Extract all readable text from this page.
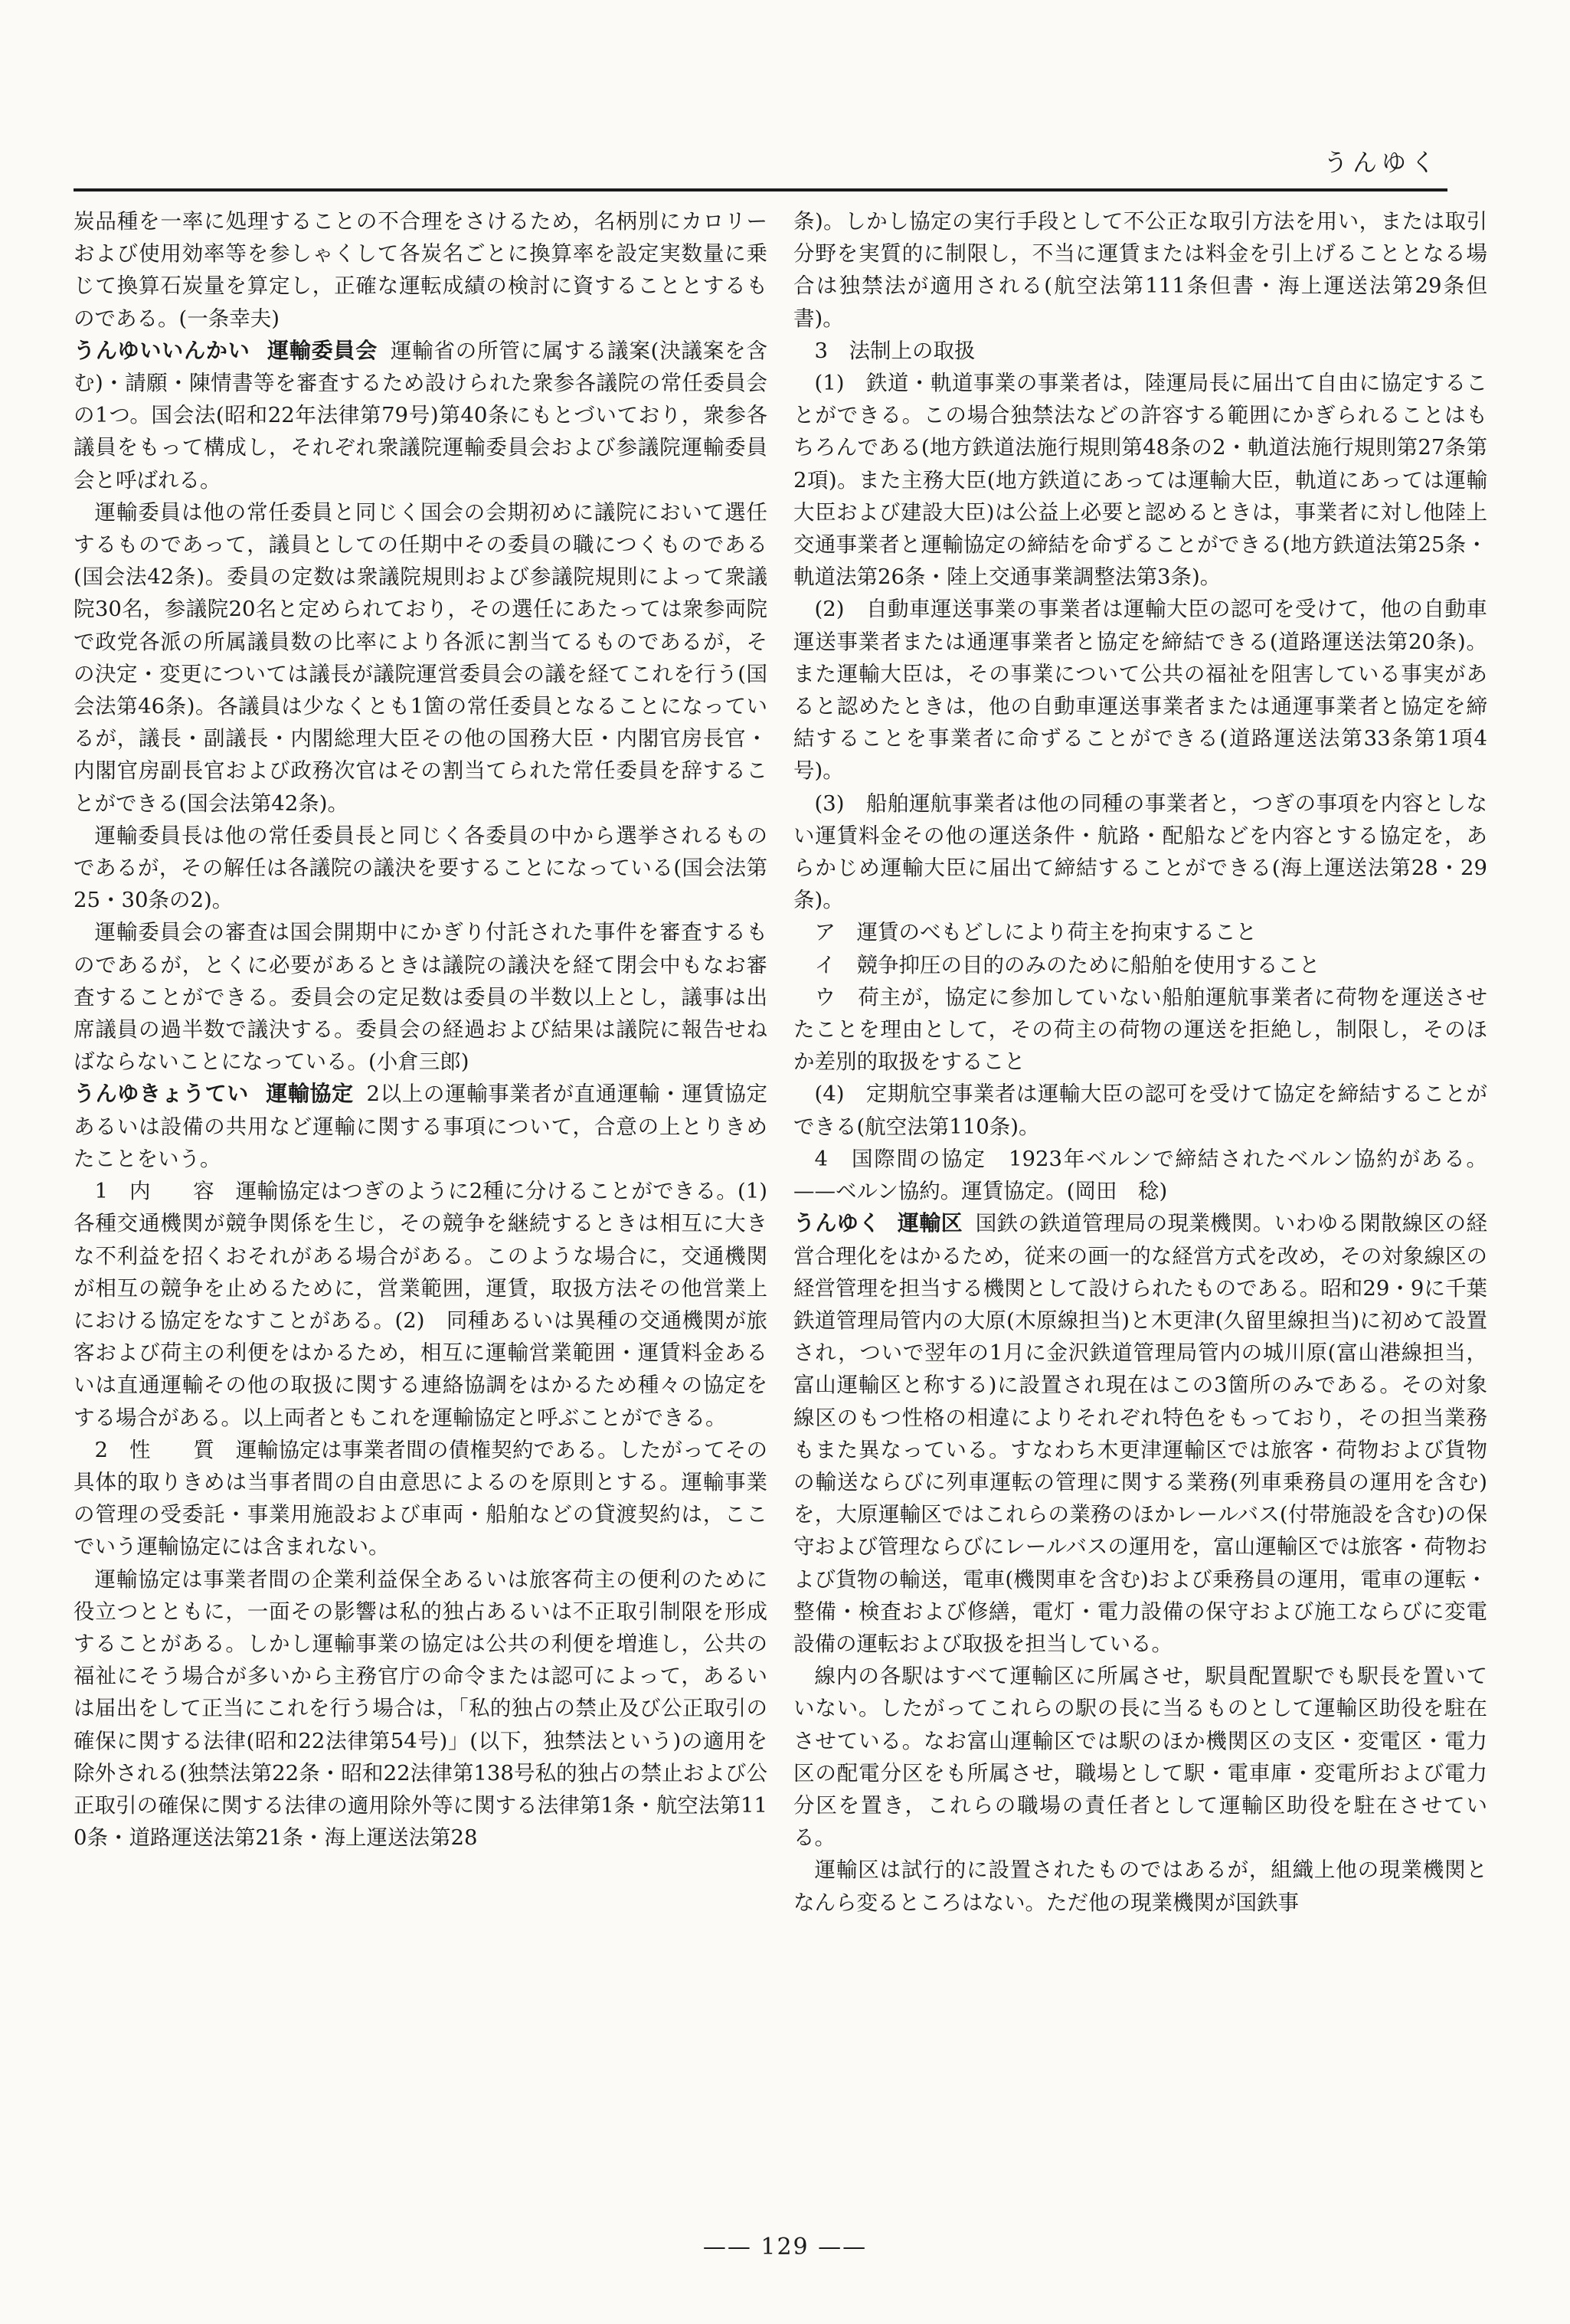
うんゆく

炭品種を一率に処理することの不合理をさけるため，名柄別にカロリーおよび使用効率等を参しゃくして各炭名ごとに換算率を設定実数量に乗じて換算石炭量を算定し，正確な運転成績の検討に資することとするものである。(一条幸夫)

うんゆいいんかい 運輸委員会 運輸省の所管に属する議案(決議案を含む)・請願・陳情書等を審査するため設けられた衆参各議院の常任委員会の1つ。国会法(昭和22年法律第79号)第40条にもとづいており，衆参各議員をもって構成し，それぞれ衆議院運輸委員会および参議院運輸委員会と呼ばれる。

運輸委員は他の常任委員と同じく国会の会期初めに議院において選任するものであって，議員としての任期中その委員の職につくものである(国会法42条)。委員の定数は衆議院規則および参議院規則によって衆議院30名，参議院20名と定められており，その選任にあたっては衆参両院で政党各派の所属議員数の比率により各派に割当てるものであるが，その決定・変更については議長が議院運営委員会の議を経てこれを行う(国会法第46条)。各議員は少なくとも1箇の常任委員となることになっているが，議長・副議長・内閣総理大臣その他の国務大臣・内閣官房長官・内閣官房副長官および政務次官はその割当てられた常任委員を辞することができる(国会法第42条)。

運輸委員長は他の常任委員長と同じく各委員の中から選挙されるものであるが，その解任は各議院の議決を要することになっている(国会法第25・30条の2)。

運輸委員会の審査は国会開期中にかぎり付託された事件を審査するものであるが，とくに必要があるときは議院の議決を経て閉会中もなお審査することができる。委員会の定足数は委員の半数以上とし，議事は出席議員の過半数で議決する。委員会の経過および結果は議院に報告せねばならないことになっている。(小倉三郎)

うんゆきょうてい 運輸協定 2以上の運輸事業者が直通運輸・運賃協定あるいは設備の共用など運輸に関する事項について，合意の上とりきめたことをいう。

1　内　　容　運輸協定はつぎのように2種に分けることができる。(1)　各種交通機関が競争関係を生じ，その競争を継続するときは相互に大きな不利益を招くおそれがある場合がある。このような場合に，交通機関が相互の競争を止めるために，営業範囲，運賃，取扱方法その他営業上における協定をなすことがある。(2)　同種あるいは異種の交通機関が旅客および荷主の利便をはかるため，相互に運輸営業範囲・運賃料金あるいは直通運輸その他の取扱に関する連絡協調をはかるため種々の協定をする場合がある。以上両者ともこれを運輸協定と呼ぶことができる。

2　性　　質　運輸協定は事業者間の債権契約である。したがってその具体的取りきめは当事者間の自由意思によるのを原則とする。運輸事業の管理の受委託・事業用施設および車両・船舶などの貸渡契約は，ここでいう運輸協定には含まれない。

運輸協定は事業者間の企業利益保全あるいは旅客荷主の便利のために役立つとともに，一面その影響は私的独占あるいは不正取引制限を形成することがある。しかし運輸事業の協定は公共の利便を増進し，公共の福祉にそう場合が多いから主務官庁の命令または認可によって，あるいは届出をして正当にこれを行う場合は，「私的独占の禁止及び公正取引の確保に関する法律(昭和22法律第54号)」(以下，独禁法という)の適用を除外される(独禁法第22条・昭和22法律第138号私的独占の禁止および公正取引の確保に関する法律の適用除外等に関する法律第1条・航空法第110条・道路運送法第21条・海上運送法第28

条)。しかし協定の実行手段として不公正な取引方法を用い，または取引分野を実質的に制限し，不当に運賃または料金を引上げることとなる場合は独禁法が適用される(航空法第111条但書・海上運送法第29条但書)。

3　法制上の取扱

(1)　鉄道・軌道事業の事業者は，陸運局長に届出て自由に協定することができる。この場合独禁法などの許容する範囲にかぎられることはもちろんである(地方鉄道法施行規則第48条の2・軌道法施行規則第27条第2項)。また主務大臣(地方鉄道にあっては運輸大臣，軌道にあっては運輸大臣および建設大臣)は公益上必要と認めるときは，事業者に対し他陸上交通事業者と運輸協定の締結を命ずることができる(地方鉄道法第25条・軌道法第26条・陸上交通事業調整法第3条)。

(2)　自動車運送事業の事業者は運輸大臣の認可を受けて，他の自動車運送事業者または通運事業者と協定を締結できる(道路運送法第20条)。また運輸大臣は，その事業について公共の福祉を阻害している事実があると認めたときは，他の自動車運送事業者または通運事業者と協定を締結することを事業者に命ずることができる(道路運送法第33条第1項4号)。

(3)　船舶運航事業者は他の同種の事業者と，つぎの事項を内容としない運賃料金その他の運送条件・航路・配船などを内容とする協定を，あらかじめ運輸大臣に届出て締結することができる(海上運送法第28・29条)。

ア　運賃のべもどしにより荷主を拘束すること

イ　競争抑圧の目的のみのために船舶を使用すること

ウ　荷主が，協定に参加していない船舶運航事業者に荷物を運送させたことを理由として，その荷主の荷物の運送を拒絶し，制限し，そのほか差別的取扱をすること

(4)　定期航空事業者は運輸大臣の認可を受けて協定を締結することができる(航空法第110条)。

4　国際間の協定　1923年ベルンで締結されたベルン協約がある。——ベルン協約。運賃協定。(岡田　稔)

うんゆく 運輸区 国鉄の鉄道管理局の現業機関。いわゆる閑散線区の経営合理化をはかるため，従来の画一的な経営方式を改め，その対象線区の経営管理を担当する機関として設けられたものである。昭和29・9に千葉鉄道管理局管内の大原(木原線担当)と木更津(久留里線担当)に初めて設置され，ついで翌年の1月に金沢鉄道管理局管内の城川原(富山港線担当，富山運輸区と称する)に設置され現在はこの3箇所のみである。その対象線区のもつ性格の相違によりそれぞれ特色をもっており，その担当業務もまた異なっている。すなわち木更津運輸区では旅客・荷物および貨物の輸送ならびに列車運転の管理に関する業務(列車乗務員の運用を含む)を，大原運輸区ではこれらの業務のほかレールバス(付帯施設を含む)の保守および管理ならびにレールバスの運用を，富山運輸区では旅客・荷物および貨物の輸送，電車(機関車を含む)および乗務員の運用，電車の運転・整備・検査および修繕，電灯・電力設備の保守および施工ならびに変電設備の運転および取扱を担当している。

線内の各駅はすべて運輸区に所属させ，駅員配置駅でも駅長を置いていない。したがってこれらの駅の長に当るものとして運輸区助役を駐在させている。なお富山運輸区では駅のほか機関区の支区・変電区・電力区の配電分区をも所属させ，職場として駅・電車庫・変電所および電力分区を置き，これらの職場の責任者として運輸区助役を駐在させている。

運輸区は試行的に設置されたものではあるが，組織上他の現業機関となんら変るところはない。ただ他の現業機関が国鉄事

—— 129 ——
